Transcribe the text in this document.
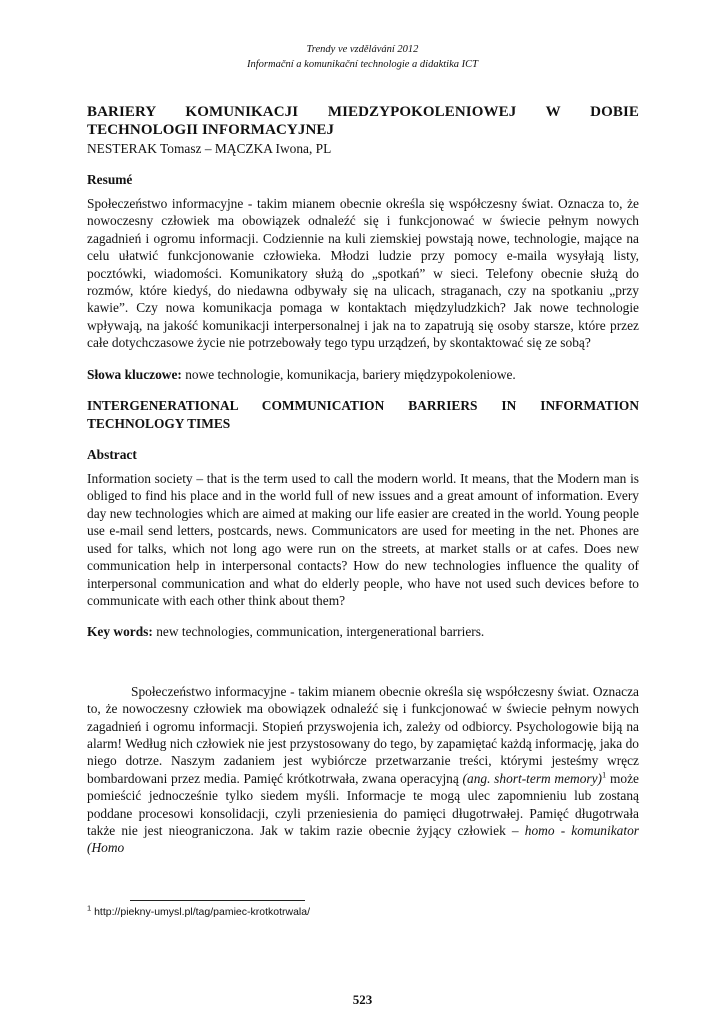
Trendy ve vzdělávání 2012
Informační a komunikační technologie a didaktika ICT
BARIERY KOMUNIKACJI MIEDZYPOKOLENIOWEJ W DOBIE TECHNOLOGII INFORMACYJNEJ
NESTERAK Tomasz – MĄCZKA Iwona, PL
Resumé

Społeczeństwo informacyjne - takim mianem obecnie określa się współczesny świat. Oznacza to, że nowoczesny człowiek ma obowiązek odnaleźć się i funkcjonować w świecie pełnym nowych zagadnień i ogromu informacji. Codziennie na kuli ziemskiej powstają nowe, technologie, mające na celu ułatwić funkcjonowanie człowieka. Młodzi ludzie przy pomocy e-maila wysyłają listy, pocztówki, wiadomości. Komunikatory służą do „spotkań” w sieci. Telefony obecnie służą do rozmów, które kiedyś, do niedawna odbywały się na ulicach, straganach, czy na spotkaniu „przy kawie”. Czy nowa komunikacja pomaga w kontaktach międzyludzkich? Jak nowe technologie wpływają, na jakość komunikacji interpersonalnej i jak na to zapatrują się osoby starsze, które przez całe dotychczasowe życie nie potrzebowały tego typu urządzeń, by skontaktować się ze sobą?

Słowa kluczowe: nowe technologie, komunikacja, bariery międzypokoleniowe.

INTERGENERATIONAL COMMUNICATION BARRIERS IN INFORMATION TECHNOLOGY TIMES
Abstract

Information society – that is the term used to call the modern world. It means, that the Modern man is obliged to find his place and in the world full of new issues and a great amount of information. Every day new technologies which are aimed at making our life easier are created in the world. Young people use e-mail send letters, postcards, news. Communicators are used for meeting in the net. Phones are used for talks, which not long ago were run on the streets, at market stalls or at cafes. Does new communication help in interpersonal contacts? How do new technologies influence the quality of interpersonal communication and what do elderly people, who have not used such devices before to communicate with each other think about them?

Key words: new technologies, communication, intergenerational barriers.

Społeczeństwo informacyjne - takim mianem obecnie określa się współczesny świat. Oznacza to, że nowoczesny człowiek ma obowiązek odnaleźć się i funkcjonować w świecie pełnym nowych zagadnień i ogromu informacji. Stopień przyswojenia ich, zależy od odbiorcy. Psychologowie biją na alarm! Według nich człowiek nie jest przystosowany do tego, by zapamiętać każdą informację, jaka do niego dotrze. Naszym zadaniem jest wybiórcze przetwarzanie treści, którymi jesteśmy wręcz bombardowani przez media. Pamięć krótkotrwała, zwana operacyjną (ang. short-term memory)$^1$ może pomieścić jednocześnie tylko siedem myśli. Informacje te mogą ulec zapomnieniu lub zostaną poddane procesowi konsolidacji, czyli przeniesienia do pamięci długotrwałej. Pamięć długotrwała także nie jest nieograniczona. Jak w takim razie obecnie żyjący człowiek – homo - komunikator (Homo

$^1$ http://piekny-umysl.pl/tag/pamiec-krotkotrwala/
523
